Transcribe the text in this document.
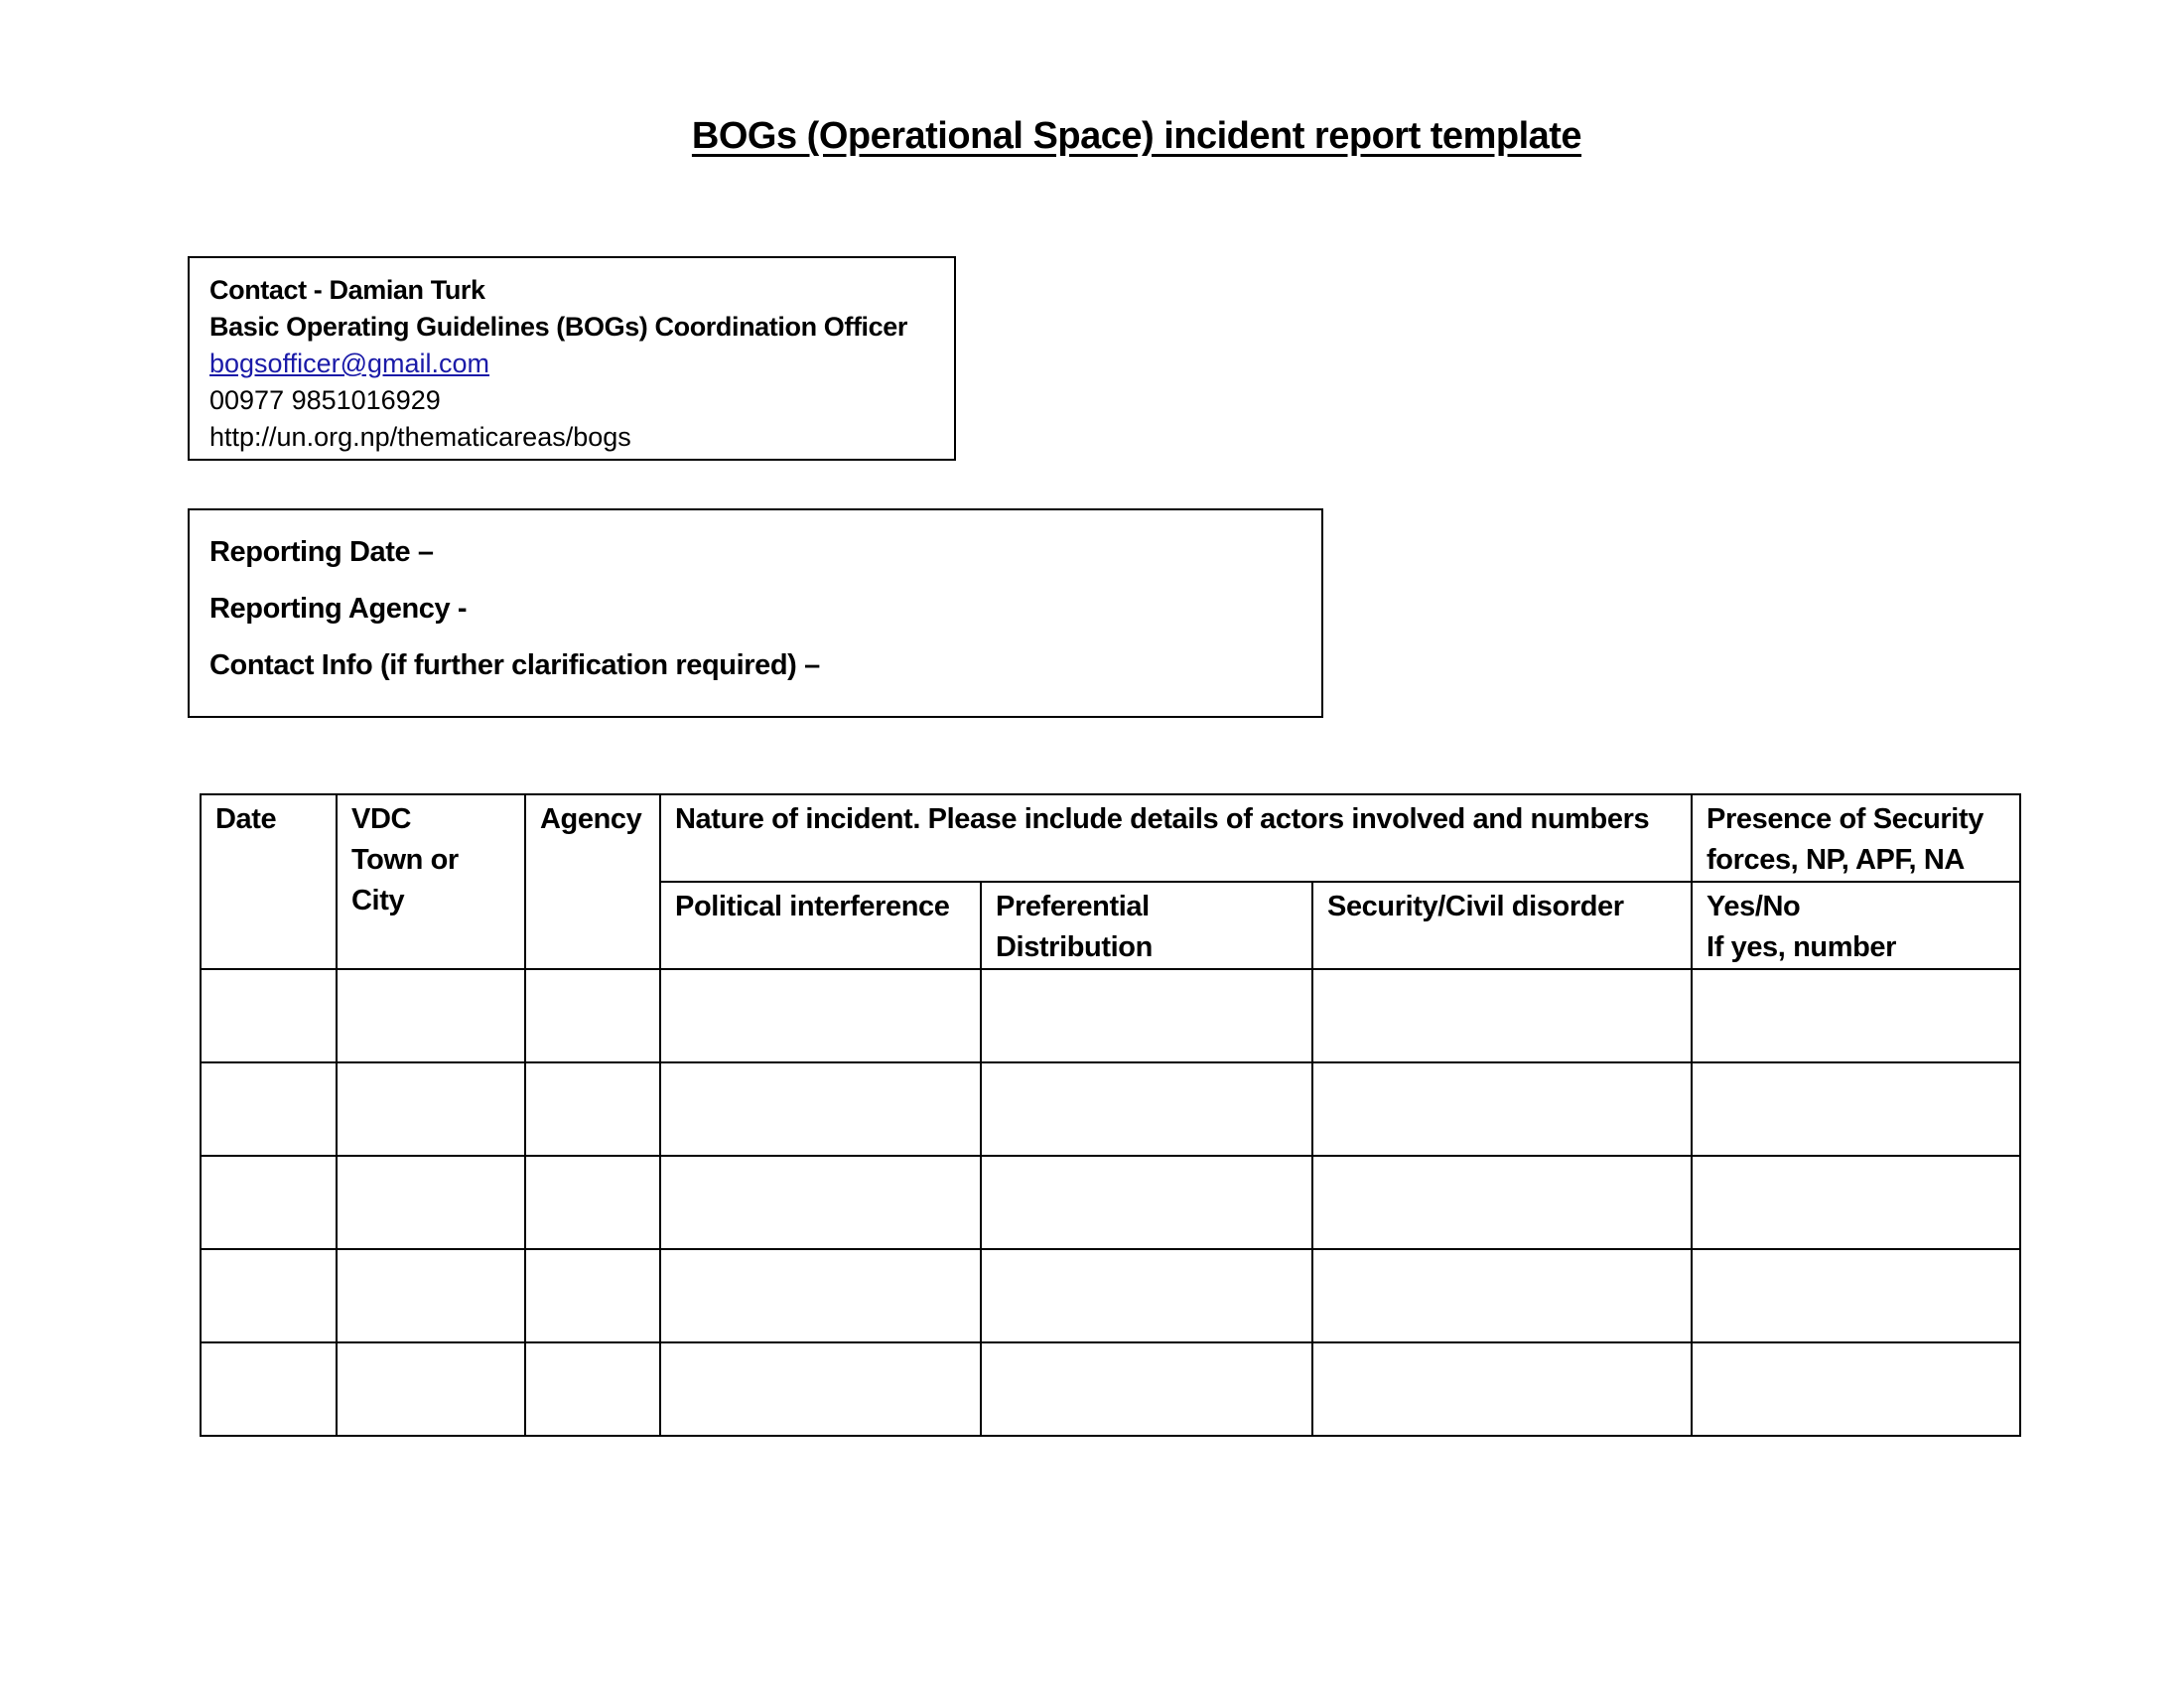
BOGs (Operational Space) incident report template
Contact - Damian Turk
Basic Operating Guidelines (BOGs) Coordination Officer
bogsofficer@gmail.com
00977 9851016929
http://un.org.np/thematicareas/bogs
Reporting Date –
Reporting Agency -
Contact Info (if further clarification required) –
Date	VDC
Town or
City	Agency	Nature of incident. Please include details of actors involved and numbers			Presence of Security forces, NP, APF, NA
			Political interference	Preferential Distribution	Security/Civil disorder	Yes/No
If yes, number
